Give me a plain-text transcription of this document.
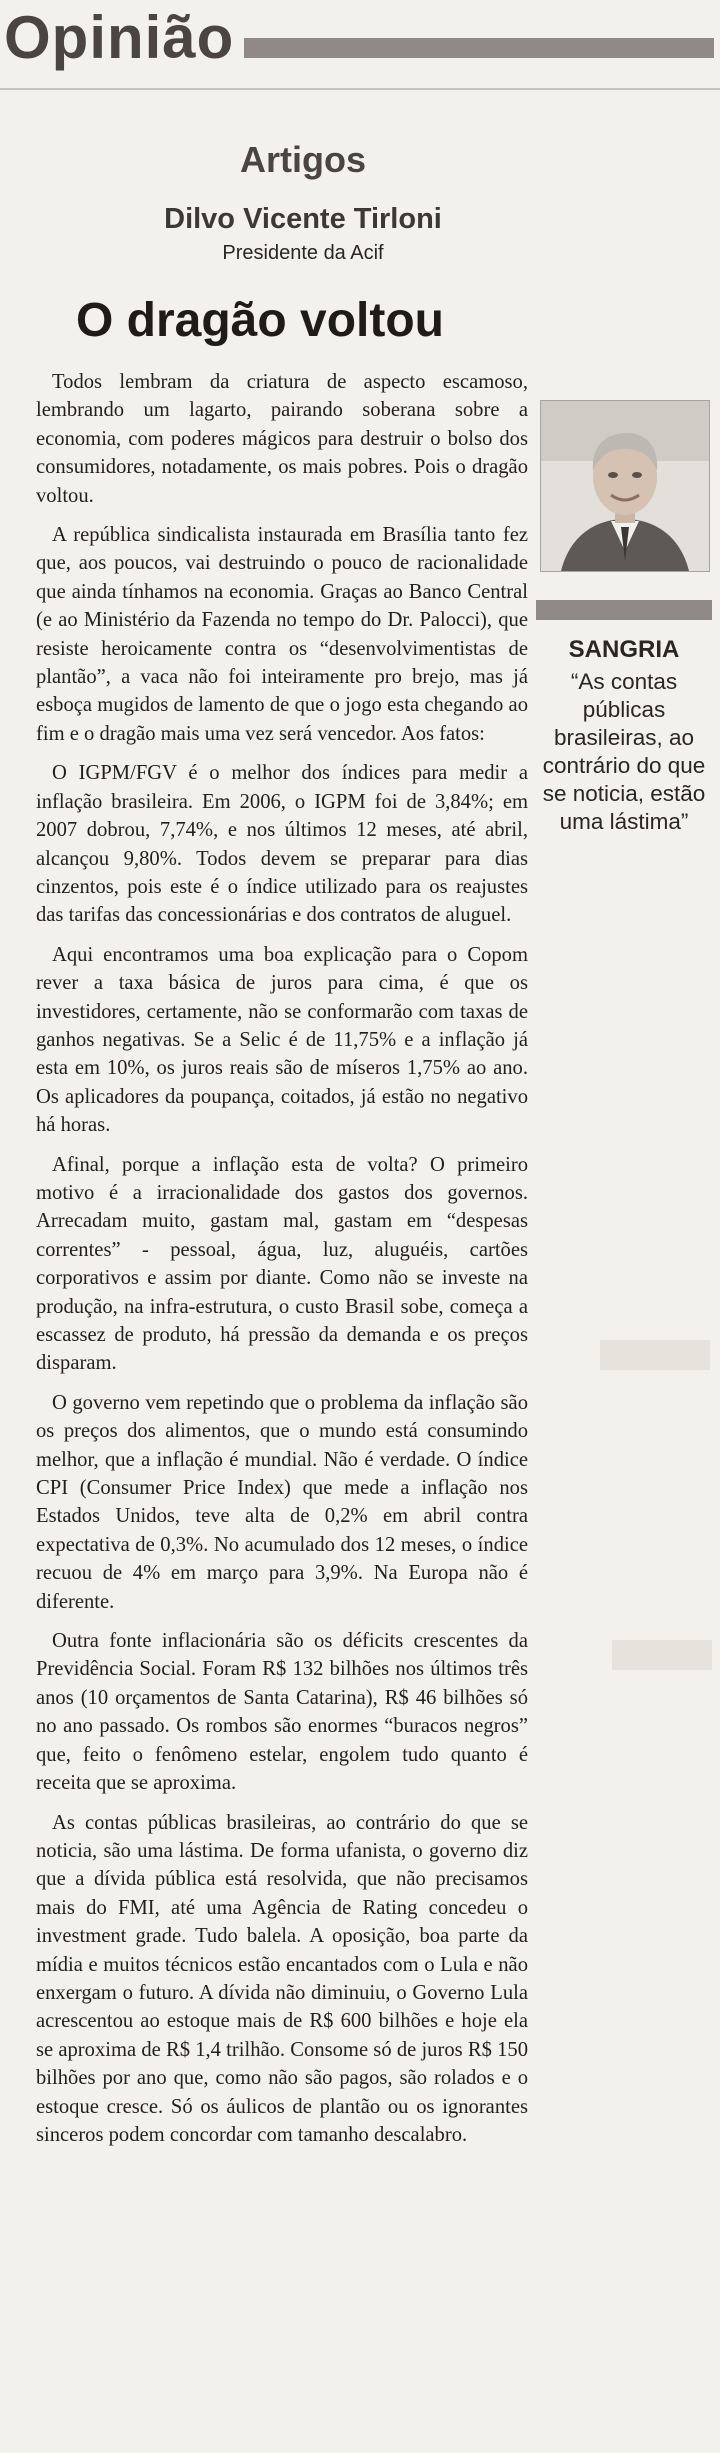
Opinião
Artigos
Dilvo Vicente Tirloni
Presidente da Acif
O dragão voltou

Todos lembram da criatura de aspecto escamoso, lembrando um lagarto, pairando soberana sobre a economia, com poderes mágicos para destruir o bolso dos consumidores, notadamente, os mais pobres. Pois o dragão voltou.

A república sindicalista instaurada em Brasília tanto fez que, aos poucos, vai destruindo o pouco de racionalidade que ainda tínhamos na economia. Graças ao Banco Central (e ao Ministério da Fazenda no tempo do Dr. Palocci), que resiste heroicamente contra os “desenvolvimentistas de plantão”, a vaca não foi inteiramente pro brejo, mas já esboça mugidos de lamento de que o jogo esta chegando ao fim e o dragão mais uma vez será vencedor. Aos fatos:

O IGPM/FGV é o melhor dos índices para medir a inflação brasileira. Em 2006, o IGPM foi de 3,84%; em 2007 dobrou, 7,74%, e nos últimos 12 meses, até abril, alcançou 9,80%. Todos devem se preparar para dias cinzentos, pois este é o índice utilizado para os reajustes das tarifas das concessionárias e dos contratos de aluguel.

Aqui encontramos uma boa explicação para o Copom rever a taxa básica de juros para cima, é que os investidores, certamente, não se conformarão com taxas de ganhos negativas. Se a Selic é de 11,75% e a inflação já esta em 10%, os juros reais são de míseros 1,75% ao ano. Os aplicadores da poupança, coitados, já estão no negativo há horas.

Afinal, porque a inflação esta de volta? O primeiro motivo é a irracionalidade dos gastos dos governos. Arrecadam muito, gastam mal, gastam em “despesas correntes” - pessoal, água, luz, aluguéis, cartões corporativos e assim por diante. Como não se investe na produção, na infra-estrutura, o custo Brasil sobe, começa a escassez de produto, há pressão da demanda e os preços disparam.

O governo vem repetindo que o problema da inflação são os preços dos alimentos, que o mundo está consumindo melhor, que a inflação é mundial. Não é verdade. O índice CPI (Consumer Price Index) que mede a inflação nos Estados Unidos, teve alta de 0,2% em abril contra expectativa de 0,3%. No acumulado dos 12 meses, o índice recuou de 4% em março para 3,9%. Na Europa não é diferente.

Outra fonte inflacionária são os déficits crescentes da Previdência Social. Foram R$ 132 bilhões nos últimos três anos (10 orçamentos de Santa Catarina), R$ 46 bilhões só no ano passado. Os rombos são enormes “buracos negros” que, feito o fenômeno estelar, engolem tudo quanto é receita que se aproxima.

As contas públicas brasileiras, ao contrário do que se noticia, são uma lástima. De forma ufanista, o governo diz que a dívida pública está resolvida, que não precisamos mais do FMI, até uma Agência de Rating concedeu o investment grade. Tudo balela. A oposição, boa parte da mídia e muitos técnicos estão encantados com o Lula e não enxergam o futuro. A dívida não diminuiu, o Governo Lula acrescentou ao estoque mais de R$ 600 bilhões e hoje ela se aproxima de R$ 1,4 trilhão. Consome só de juros R$ 150 bilhões por ano que, como não são pagos, são rolados e o estoque cresce. Só os áulicos de plantão ou os ignorantes sinceros podem concordar com tamanho descalabro.

SANGRIA
“As contas públicas brasileiras, ao contrário do que se noticia, estão uma lástima”
